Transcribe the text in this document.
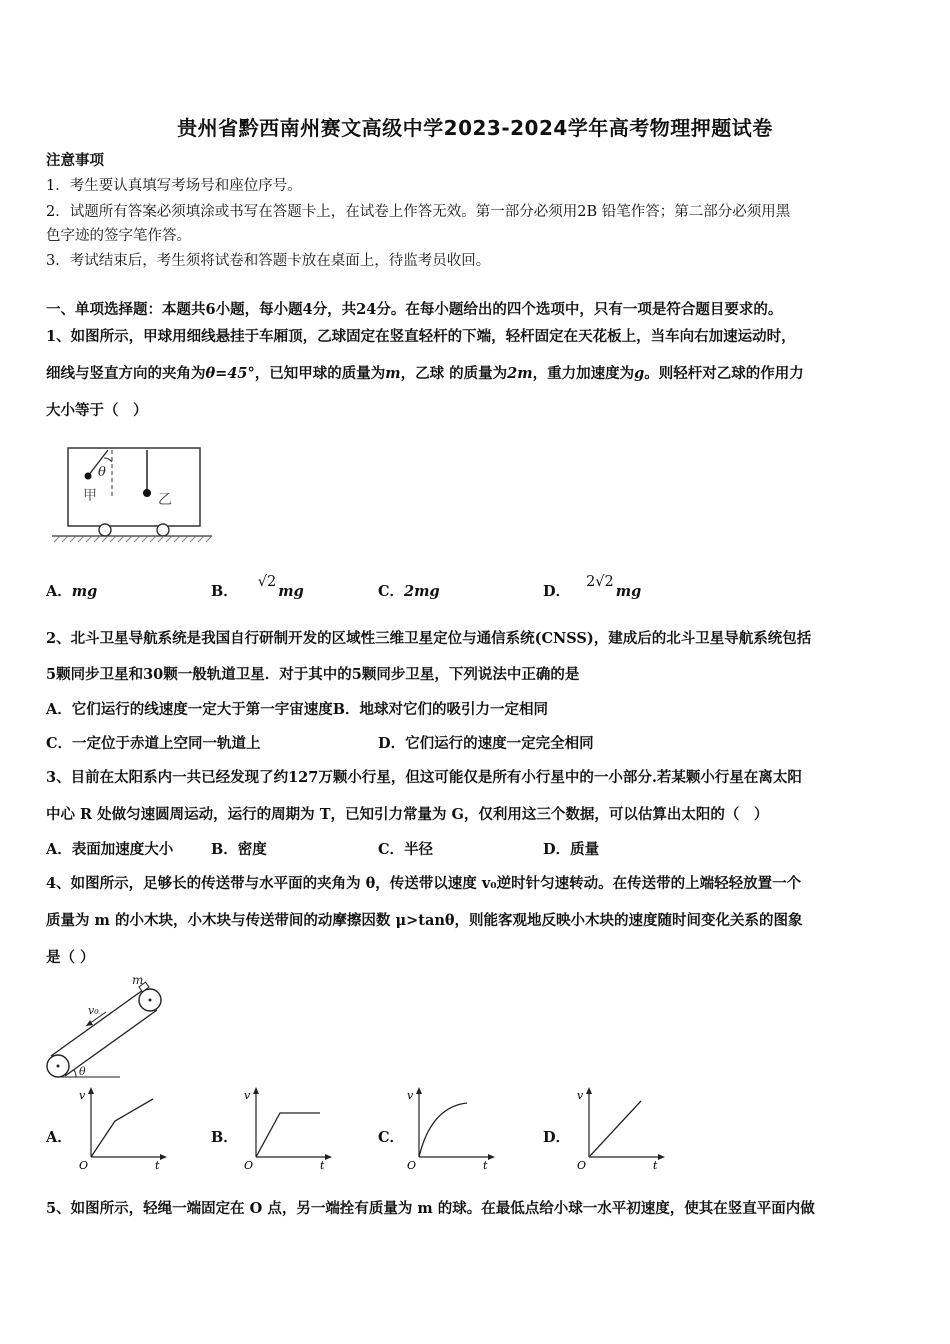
贵州省黔西南州赛文高级中学2023-2024学年高考物理押题试卷
注意事项
1．考生要认真填写考场号和座位序号。
2．试题所有答案必须填涂或书写在答题卡上，在试卷上作答无效。第一部分必须用2B 铅笔作答；第二部分必须用黑
色字迹的签字笔作答。
3．考试结束后，考生须将试卷和答题卡放在桌面上，待监考员收回。
一、单项选择题：本题共6小题，每小题4分，共24分。在每小题给出的四个选项中，只有一项是符合题目要求的。
1、如图所示，甲球用细线悬挂于车厢顶，乙球固定在竖直轻杆的下端，轻杆固定在天花板上，当车向右加速运动时，
细线与竖直方向的夹角为θ=45°，已知甲球的质量为m，乙球 的质量为2m，重力加速度为g。则轻杆对乙球的作用力
大小等于（　）
θ
甲	乙
A．mg	B．√2mg	C．2mg	D．2√2mg
2、北斗卫星导航系统是我国自行研制开发的区域性三维卫星定位与通信系统(CNSS)，建成后的北斗卫星导航系统包括
5颗同步卫星和30颗一般轨道卫星．对于其中的5颗同步卫星，下列说法中正确的是
A．它们运行的线速度一定大于第一宇宙速度B．地球对它们的吸引力一定相同
C．一定位于赤道上空同一轨道上	D．它们运行的速度一定完全相同
3、目前在太阳系内一共已经发现了约127万颗小行星，但这可能仅是所有小行星中的一小部分.若某颗小行星在离太阳
中心 R 处做匀速圆周运动，运行的周期为 T，已知引力常量为 G，仅利用这三个数据，可以估算出太阳的（　）
A．表面加速度大小	B．密度	C．半径	D．质量
4、如图所示，足够长的传送带与水平面的夹角为 θ，传送带以速度 v₀逆时针匀速转动。在传送带的上端轻轻放置一个
质量为 m 的小木块，小木块与传送带间的动摩擦因数 μ>tanθ，则能客观地反映小木块的速度随时间变化关系的图象
是（ ）
m
v₀
θ
A．	B．	C．	D．
v
t
O
v
t
O
v
t
O
v
t
O
5、如图所示，轻绳一端固定在 O 点，另一端拴有质量为 m 的球。在最低点给小球一水平初速度，使其在竖直平面内做
